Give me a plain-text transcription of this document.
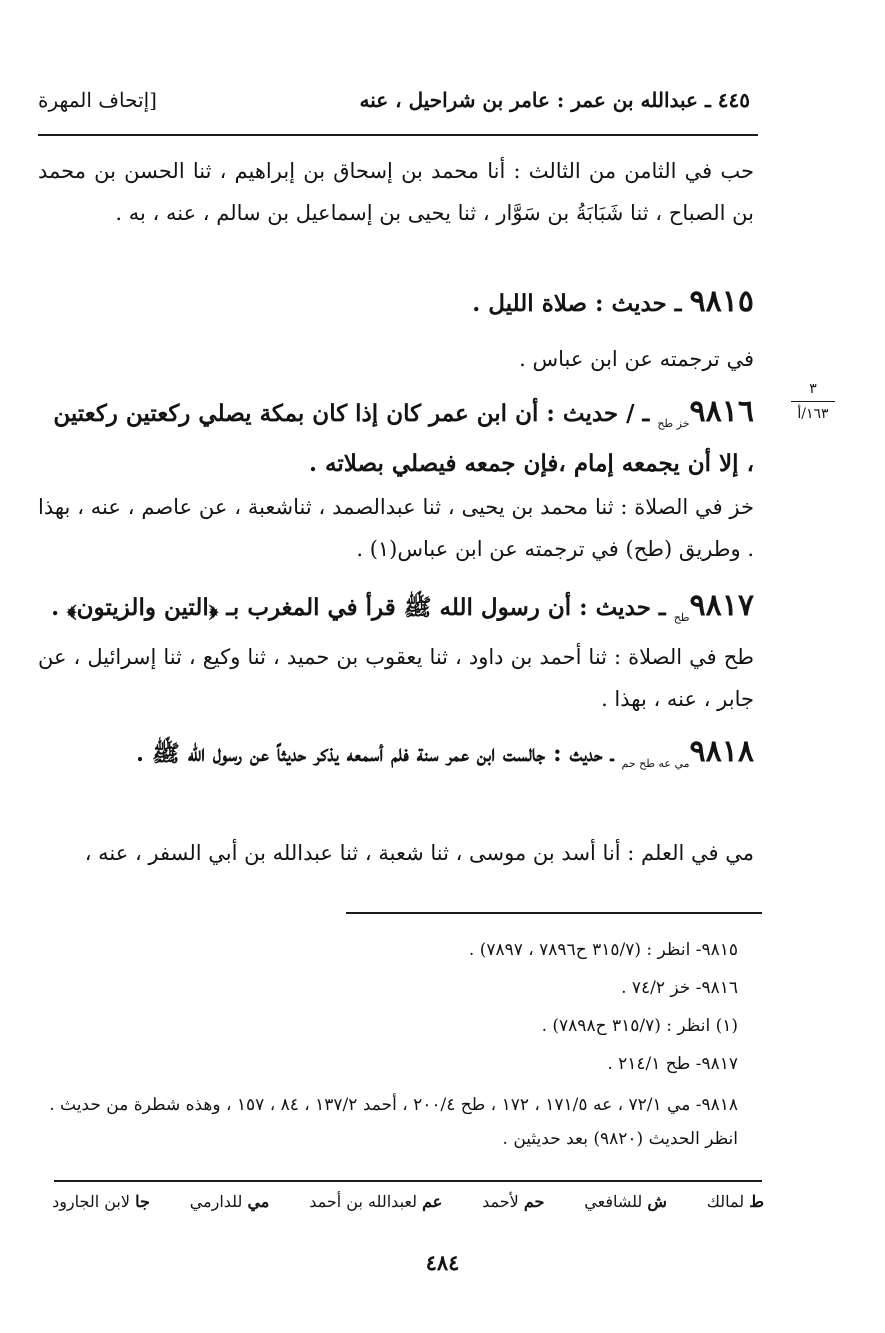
٤٤٥ ـ عبدالله بن عمر : عامر بن شراحيل ، عنه
[إتحاف المهرة
حب في الثامن من الثالث : أنا محمد بن إسحاق بن إبراهيم ، ثنا الحسن بن محمد بن الصباح ، ثنا شَبَابَةُ بن سَوَّار ، ثنا يحيى بن إسماعيل بن سالم ، عنه ، به .
٩٨١٥ ـ حديث : صلاة الليل .
في ترجمته عن ابن عباس .
٣
١٦٣/أ
$٩٨١٦_{خز طح}$ ـ / حديث : أن ابن عمر كان إذا كان بمكة يصلي ركعتين ركعتين ، إلا أن يجمعه إمام ،فإن جمعه فيصلي بصلاته .
خز في الصلاة : ثنا محمد بن يحيى ، ثنا عبدالصمد ، ثناشعبة ، عن عاصم ، عنه ، بهذا . وطريق (طح) في ترجمته عن ابن عباس(١) .
$٩٨١٧_{طح}$ ـ حديث : أن رسول الله ﷺ قرأ في المغرب بـ ﴿التين والزيتون﴾ .
طح في الصلاة : ثنا أحمد بن داود ، ثنا يعقوب بن حميد ، ثنا وكيع ، ثنا إسرائيل ، عن جابر ، عنه ، بهذا .
$٩٨١٨_{مي عه طح حم}$ ـ حديث : جالست ابن عمر سنة فلم أسمعه يذكر حديثاً عن رسول الله ﷺ .
مي في العلم : أنا أسد بن موسى ، ثنا شعبة ، ثنا عبدالله بن أبي السفر ، عنه ،
٩٨١٥- انظر : (٣١٥/٧ ح٧٨٩٦ ، ٧٨٩٧) .
٩٨١٦- خز ٧٤/٢ .
(١) انظر : (٣١٥/٧ ح٧٨٩٨) .
٩٨١٧- طح ٢١٤/١ .
٩٨١٨- مي ٧٢/١ ، عه ١٧١/٥ ، ١٧٢ ، طح ٢٠٠/٤ ، أحمد ١٣٧/٢ ، ٨٤ ، ١٥٧ ، وهذه شطرة من حديث . انظر الحديث (٩٨٢٠) بعد حديثين .
ط لمالك
ش للشافعي
حم لأحمد
عم لعبدالله بن أحمد
مي للدارمي
جا لابن الجارود
٤٨٤
